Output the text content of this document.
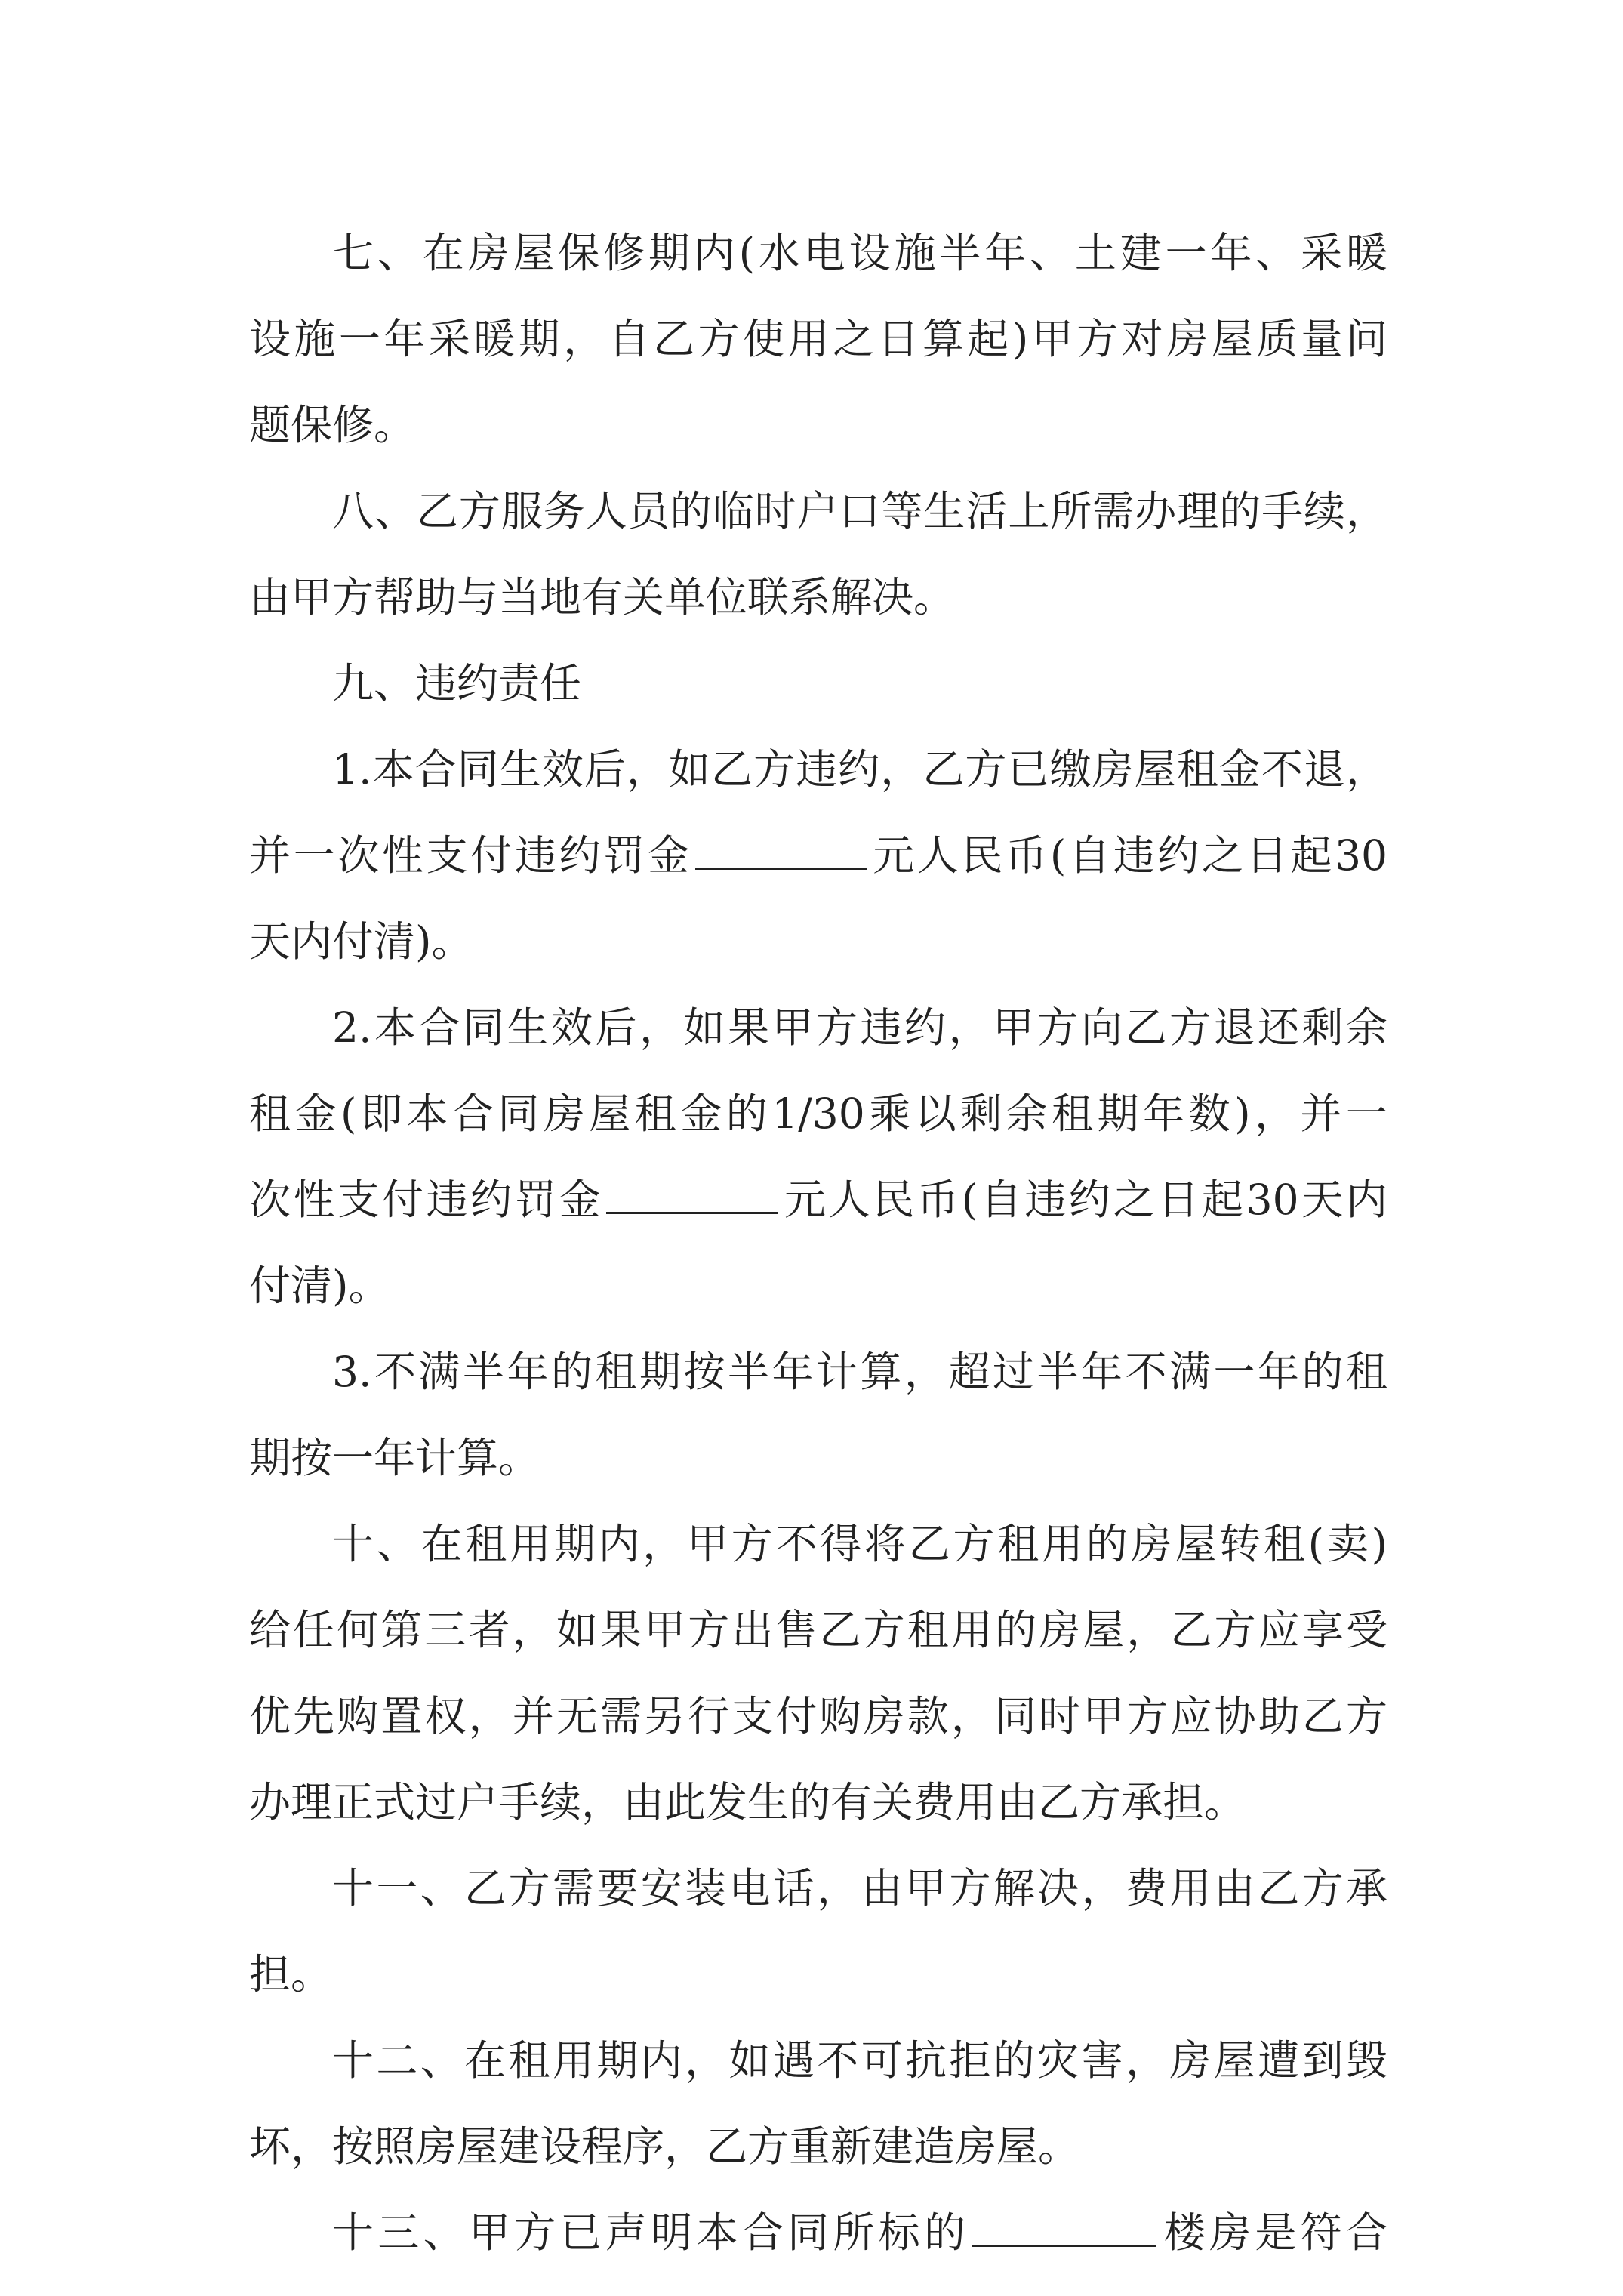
七、在房屋保修期内(水电设施半年、土建一年、采暖
设施一年采暖期，自乙方使用之日算起)甲方对房屋质量问
题保修。
八、乙方服务人员的临时户口等生活上所需办理的手续，
由甲方帮助与当地有关单位联系解决。
九、违约责任
1.本合同生效后，如乙方违约，乙方已缴房屋租金不退，
并一次性支付违约罚金	元人民币(自违约之日起30
天内付清)。
2.本合同生效后，如果甲方违约，甲方向乙方退还剩余
租金(即本合同房屋租金的1/30乘以剩余租期年数)，并一
次性支付违约罚金	元人民币(自违约之日起30天内
付清)。
3.不满半年的租期按半年计算，超过半年不满一年的租
期按一年计算。
十、在租用期内，甲方不得将乙方租用的房屋转租(卖)
给任何第三者，如果甲方出售乙方租用的房屋，乙方应享受
优先购置权，并无需另行支付购房款，同时甲方应协助乙方
办理正式过户手续，由此发生的有关费用由乙方承担。
十一、乙方需要安装电话，由甲方解决，费用由乙方承
担。
十二、在租用期内，如遇不可抗拒的灾害，房屋遭到毁
坏，按照房屋建设程序，乙方重新建造房屋。
十三、甲方已声明本合同所标的	楼房是符合
